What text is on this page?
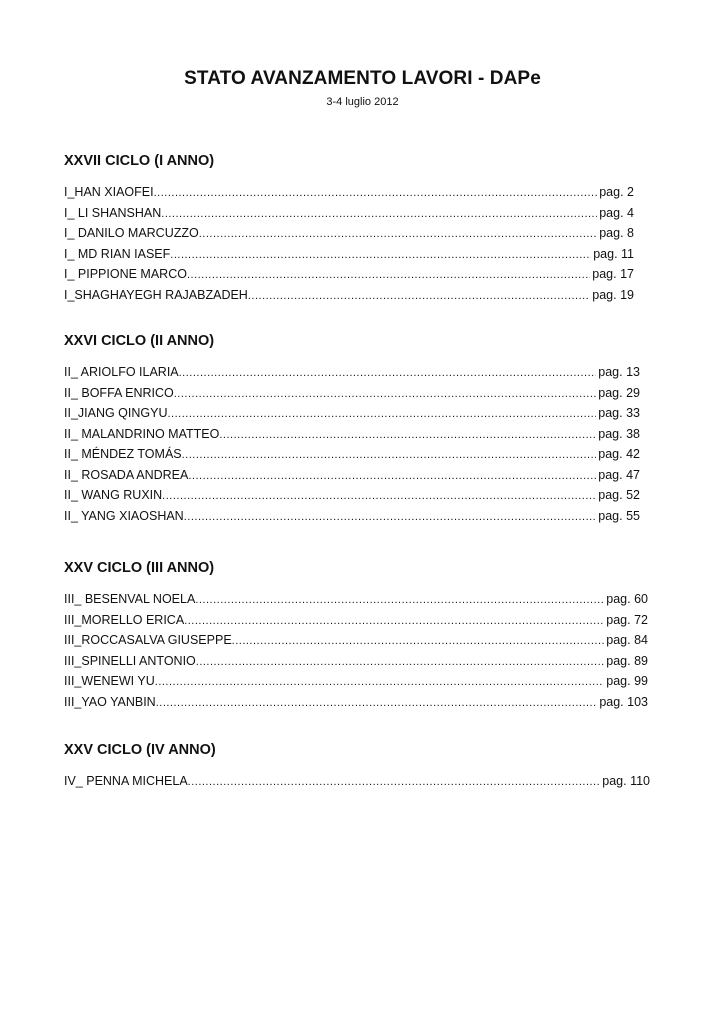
STATO AVANZAMENTO LAVORI - DAPe
3-4 luglio 2012
XXVII CICLO (I ANNO)
I_HAN XIAOFEI .....	pag. 2
I_ LI SHANSHAN .....	pag. 4
I_ DANILO MARCUZZO .....	pag. 8
I_ MD RIAN IASEF .....	pag. 11
I_ PIPPIONE MARCO .....	pag. 17
I_SHAGHAYEGH RAJABZADEH .....	pag. 19
XXVI CICLO (II ANNO)
II_ ARIOLFO ILARIA .....	pag. 13
II_ BOFFA ENRICO .....	pag. 29
II_JIANG QINGYU .....	pag. 33
II_ MALANDRINO MATTEO .....	pag. 38
II_ MÉNDEZ TOMÁS .....	pag. 42
II_ ROSADA ANDREA .....	pag. 47
II_ WANG RUXIN .....	pag. 52
II_ YANG XIAOSHAN .....	pag. 55
XXV CICLO (III ANNO)
III_ BESENVAL NOELA .....	pag. 60
III_MORELLO ERICA .....	pag. 72
III_ROCCASALVA GIUSEPPE .....	pag. 84
III_SPINELLI ANTONIO .....	pag. 89
III_WENEWI YU .....	pag. 99
III_YAO YANBIN .....	pag. 103
XXV CICLO (IV ANNO)
IV_ PENNA MICHELA .....	pag. 110
